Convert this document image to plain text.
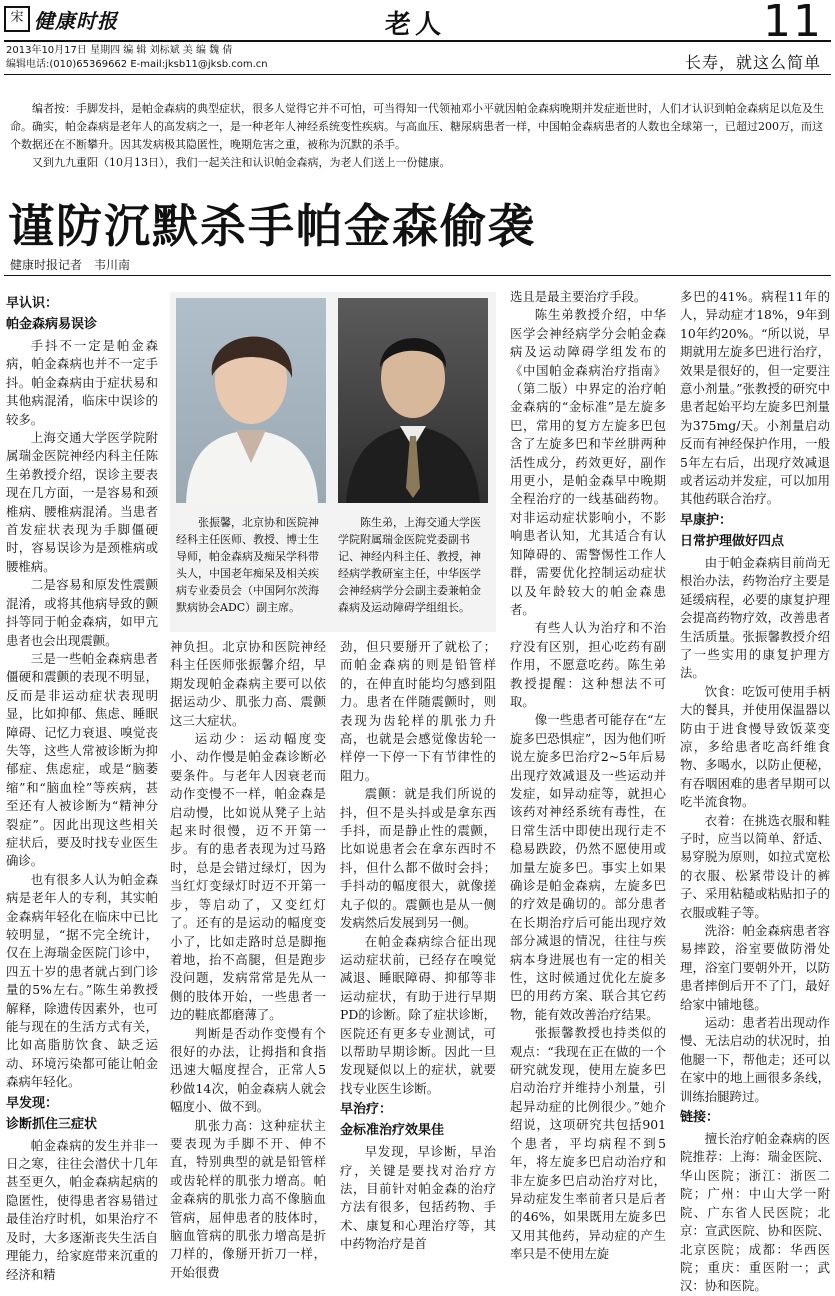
宋 健康时报	老人	11
2013年10月17日 星期四 编 辑 刘标斌 美 编 魏 倩
编辑电话:(010)65369662 E-mail:jksb11@jksb.com.cn	长寿，就这么简单

编者按：手脚发抖，是帕金森病的典型症状，很多人觉得它并不可怕，可当得知一代领袖邓小平就因帕金森病晚期并发症逝世时，人们才认识到帕金森病足以危及生命。确实，帕金森病是老年人的高发病之一，是一种老年人神经系统变性疾病。与高血压、糖尿病患者一样，中国帕金森病患者的人数也全球第一，已超过200万，而这个数据还在不断攀升。因其发病极其隐匿性，晚期危害之重，被称为沉默的杀手。

又到九九重阳（10月13日），我们一起关注和认识帕金森病，为老人们送上一份健康。

谨防沉默杀手帕金森偷袭
健康时报记者　韦川南
早认识：
帕金森病易误诊

手抖不一定是帕金森病，帕金森病也并不一定手抖。帕金森病由于症状易和其他病混淆，临床中误诊的较多。

上海交通大学医学院附属瑞金医院神经内科主任陈生弟教授介绍，误诊主要表现在几方面，一是容易和颈椎病、腰椎病混淆。当患者首发症状表现为手脚僵硬时，容易误诊为是颈椎病或腰椎病。

二是容易和原发性震颤混淆，或将其他病导致的颤抖等同于帕金森病，如甲亢患者也会出现震颤。

三是一些帕金森病患者僵硬和震颤的表现不明显，反而是非运动症状表现明显，比如抑郁、焦虑、睡眠障碍、记忆力衰退、嗅觉丧失等，这些人常被诊断为抑郁症、焦虑症，或是“脑萎缩”和“脑血栓”等疾病，甚至还有人被诊断为“精神分裂症”。因此出现这些相关症状后，要及时找专业医生确诊。

也有很多人认为帕金森病是老年人的专利，其实帕金森病年轻化在临床中已比较明显，“据不完全统计，仅在上海瑞金医院门诊中，四五十岁的患者就占到门诊量的5%左右。”陈生弟教授解释，除遗传因素外，也可能与现在的生活方式有关，比如高脂肪饮食、缺乏运动、环境污染都可能让帕金森病年轻化。

早发现：
诊断抓住三症状

帕金森病的发生并非一日之寒，往往会潜伏十几年甚至更久，帕金森病起病的隐匿性，使得患者容易错过最佳治疗时机，如果治疗不及时，大多逐渐丧失生活自理能力，给家庭带来沉重的经济和精

张振馨，北京协和医院神经科主任医师、教授、博士生导师，帕金森病及痴呆学科带头人，中国老年痴呆及相关疾病专业委员会（中国阿尔茨海默病协会ADC）副主席。
陈生弟，上海交通大学医学院附属瑞金医院党委副书记、神经内科主任、教授，神经病学教研室主任，中华医学会神经病学分会副主委兼帕金森病及运动障碍学组组长。

神负担。北京协和医院神经科主任医师张振馨介绍，早期发现帕金森病主要可以依据运动少、肌张力高、震颤这三大症状。

运动少：运动幅度变小、动作慢是帕金森诊断必要条件。与老年人因衰老而动作变慢不一样，帕金森是启动慢，比如说从凳子上站起来时很慢，迈不开第一步。有的患者表现为过马路时，总是会错过绿灯，因为当红灯变绿灯时迈不开第一步，等启动了，又变红灯了。还有的是运动的幅度变小了，比如走路时总是脚拖着地，抬不高腿，但是跑步没问题，发病常常是先从一侧的肢体开始，一些患者一边的鞋底都磨薄了。

判断是否动作变慢有个很好的办法，让拇指和食指迅速大幅度捏合，正常人5秒做14次，帕金森病人就会幅度小、做不到。

肌张力高：这种症状主要表现为手脚不开、伸不直，特别典型的就是铅管样或齿轮样的肌张力增高。帕金森病的肌张力高不像脑血管病，屈伸患者的肢体时，脑血管病的肌张力增高是折刀样的，像掰开折刀一样，开始很费

劲，但只要掰开了就松了；而帕金森病的则是铅管样的，在伸直时能均匀感到阻力。患者在伴随震颤时，则表现为齿轮样的肌张力升高，也就是会感觉像齿轮一样停一下停一下有节律性的阻力。

震颤：就是我们所说的抖，但不是头抖或是拿东西手抖，而是静止性的震颤，比如说患者会在拿东西时不抖，但什么都不做时会抖；手抖动的幅度很大，就像搓丸子似的。震颤也是从一侧发病然后发展到另一侧。

在帕金森病综合征出现运动症状前，已经存在嗅觉减退、睡眠障碍、抑郁等非运动症状，有助于进行早期PD的诊断。除了症状诊断，医院还有更多专业测试，可以帮助早期诊断。因此一旦发现疑似以上的症状，就要找专业医生诊断。

早治疗：
金标准治疗效果佳

早发现，早诊断，早治疗，关键是要找对治疗方法，目前针对帕金森的治疗方法有很多，包括药物、手术、康复和心理治疗等，其中药物治疗是首

选且是最主要治疗手段。

陈生弟教授介绍，中华医学会神经病学分会帕金森病及运动障碍学组发布的《中国帕金森病治疗指南》（第二版）中界定的治疗帕金森病的“金标准”是左旋多巴，常用的复方左旋多巴包含了左旋多巴和苄丝肼两种活性成分，药效更好，副作用更小，是帕金森早中晚期全程治疗的一线基础药物。对非运动症状影响小，不影响患者认知，尤其适合有认知障碍的、需警惕性工作人群，需要优化控制运动症状以及年龄较大的帕金森患者。

有些人认为治疗和不治疗没有区别，担心吃药有副作用，不愿意吃药。陈生弟教授提醒：这种想法不可取。

像一些患者可能存在“左旋多巴恐惧症”，因为他们听说左旋多巴治疗2~5年后易出现疗效减退及一些运动并发症，如异动症等，就担心该药对神经系统有毒性，在日常生活中即使出现行走不稳易跌跤，仍然不愿使用或加量左旋多巴。事实上如果确诊是帕金森病，左旋多巴的疗效是确切的。部分患者在长期治疗后可能出现疗效部分减退的情况，往往与疾病本身进展也有一定的相关性，这时候通过优化左旋多巴的用药方案、联合其它药物，能有效改善治疗结果。

张振馨教授也持类似的观点：“我现在正在做的一个研究就发现，使用左旋多巴启动治疗并维持小剂量，引起异动症的比例很少。”她介绍说，这项研究共包括901个患者，平均病程不到5年，将左旋多巴启动治疗和非左旋多巴启动治疗对比，异动症发生率前者只是后者的46%，如果既用左旋多巴又用其他药，异动症的产生率只是不使用左旋

多巴的41%。病程11年的人，异动症才18%，9年到10年约20%。“所以说，早期就用左旋多巴进行治疗，效果是很好的，但一定要注意小剂量。”张教授的研究中患者起始平均左旋多巴剂量为375mg/天。小剂量启动反而有神经保护作用，一般5年左右后，出现疗效减退或者运动并发症，可以加用其他药联合治疗。

早康护：
日常护理做好四点

由于帕金森病目前尚无根治办法，药物治疗主要是延缓病程，必要的康复护理会提高药物疗效，改善患者生活质量。张振馨教授介绍了一些实用的康复护理方法。

饮食：吃饭可使用手柄大的餐具，并使用保温器以防由于进食慢导致饭菜变凉，多给患者吃高纤维食物、多喝水，以防止便秘，有吞咽困难的患者早期可以吃半流食物。

衣着：在挑选衣服和鞋子时，应当以简单、舒适、易穿脱为原则，如拉式宽松的衣服、松紧带设计的裤子、采用粘糙或粘贴扣子的衣服或鞋子等。

洗浴：帕金森病患者容易摔跤，浴室要做防滑处理，浴室门要朝外开，以防患者摔倒后开不了门，最好给家中铺地毯。

运动：患者若出现动作慢、无法启动的状况时，拍他腿一下，帮他走；还可以在家中的地上画很多条线，训练抬腿跨过。

链接：

擅长治疗帕金森病的医院推荐：上海：瑞金医院、华山医院；浙江：浙医二院；广州：中山大学一附院、广东省人民医院；北京：宣武医院、协和医院、北京医院；成都：华西医院；重庆：重医附一；武汉：协和医院。
